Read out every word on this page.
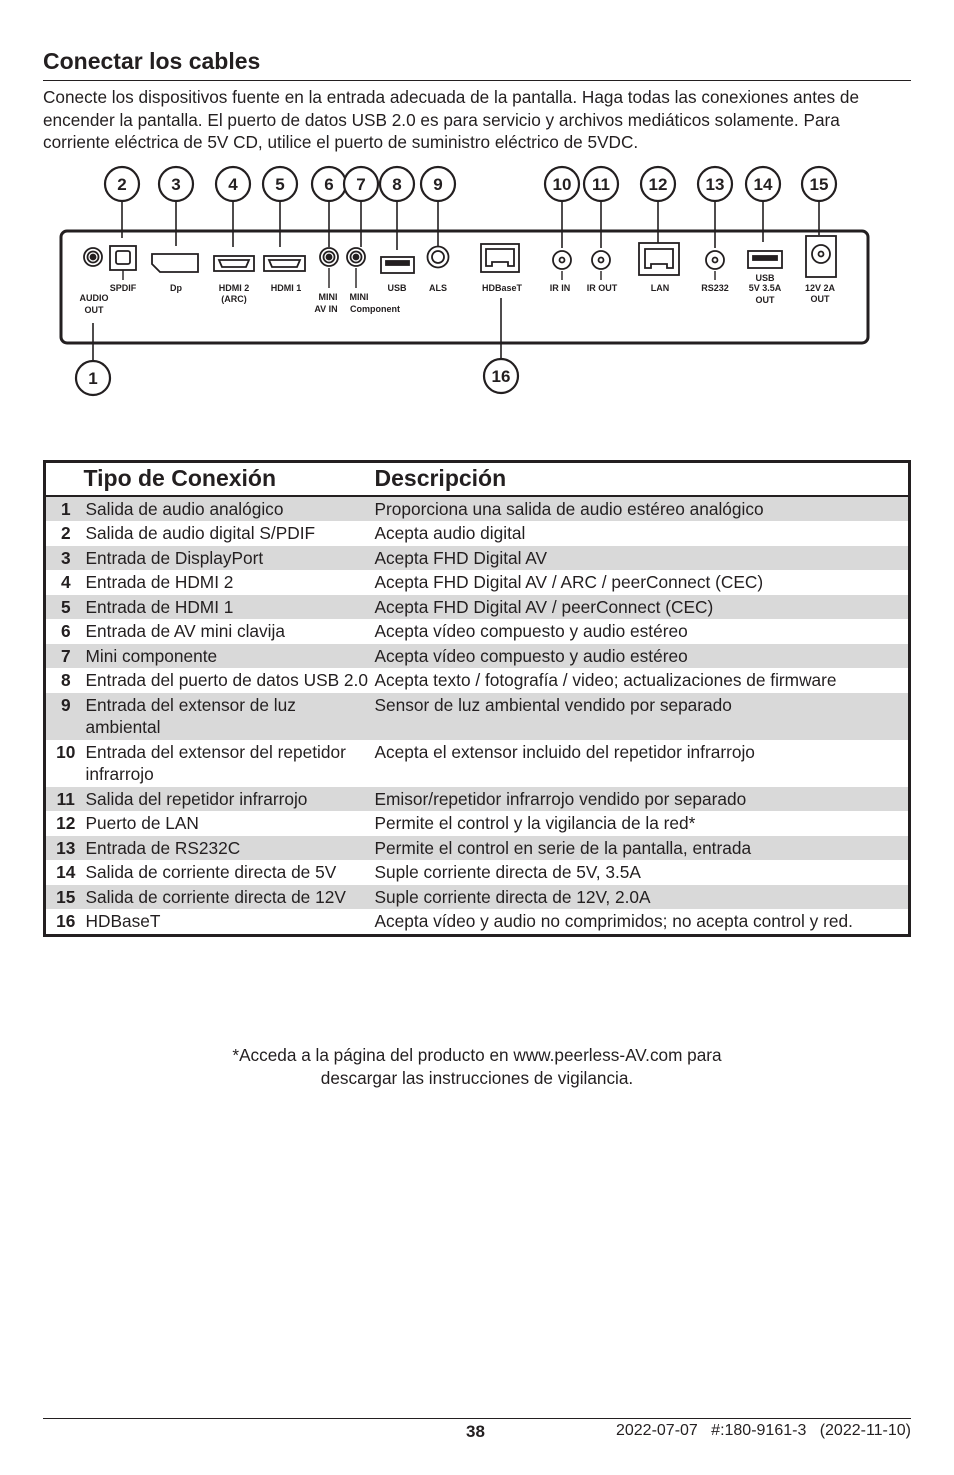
Conectar los cables

Conecte los dispositivos fuente en la entrada adecuada de la pantalla. Haga todas las conexiones antes de encender la pantalla. El puerto de datos USB 2.0 es para servicio y archivos mediáticos solamente. Para corriente eléctrica de 5V CD, utilice el puerto de suministro eléctrico de 5VDC.

2	3	4 5 6 7 8 9	10 11 12 13 14 15
1	16
AUDIO
OUT
SPDIF	Dp	HDMI 2
(ARC)
HDMI 1
MINI
AV IN
MINI
Component
USB ALS	HDBaseT	IR IN IR OUT	LAN	RS232
USB
5V 3.5A
OUT
12V 2A
OUT
	Tipo de Conexión	Descripción
1	Salida de audio analógico	Proporciona una salida de audio estéreo analógico
2	Salida de audio digital S/PDIF	Acepta audio digital
3	Entrada de DisplayPort	Acepta FHD Digital AV
4	Entrada de HDMI 2	Acepta FHD Digital AV / ARC / peerConnect (CEC)
5	Entrada de HDMI 1	Acepta FHD Digital AV / peerConnect (CEC)
6	Entrada de AV mini clavija	Acepta vídeo compuesto y audio estéreo
7	Mini componente	Acepta vídeo compuesto y audio estéreo
8	Entrada del puerto de datos USB 2.0	Acepta texto / fotografía / video; actualizaciones de firmware
9	Entrada del extensor de luz ambiental	Sensor de luz ambiental vendido por separado
10	Entrada del extensor del repetidor infrarrojo	Acepta el extensor incluido del repetidor infrarrojo
11	Salida del repetidor infrarrojo	Emisor/repetidor infrarrojo vendido por separado
12	Puerto de LAN	Permite el control y la vigilancia de la red*
13	Entrada de RS232C	Permite el control en serie de la pantalla, entrada
14	Salida de corriente directa de 5V	Suple corriente directa de 5V, 3.5A
15	Salida de corriente directa de 12V	Suple corriente directa de 12V, 2.0A
16	HDBaseT	Acepta vídeo y audio no comprimidos; no acepta control y red.
*Acceda a la página del producto en www.peerless-AV.com para
descargar las instrucciones de vigilancia.
38	2022-07-07   #:180-9161-3   (2022-11-10)
